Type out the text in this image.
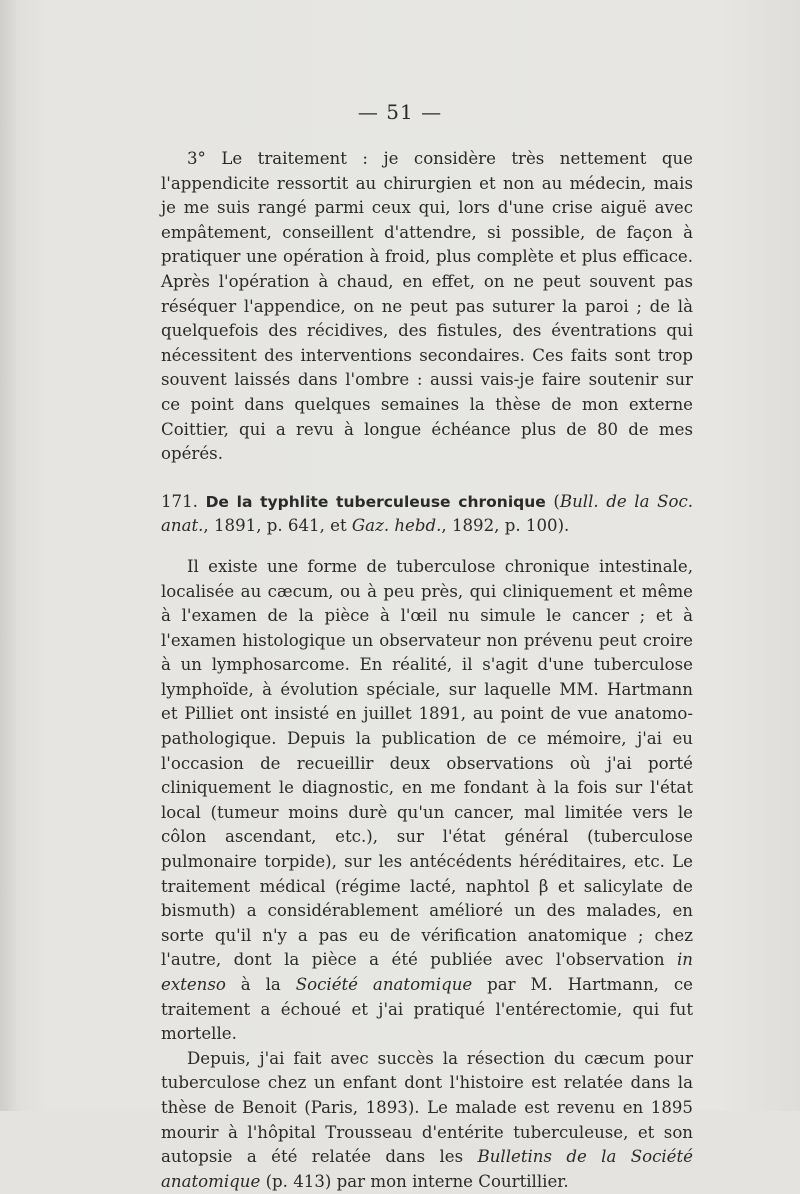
— 51 —

3° Le traitement : je considère très nettement que l'appendicite ressortit au chirurgien et non au médecin, mais je me suis rangé parmi ceux qui, lors d'une crise aiguë avec empâtement, conseillent d'attendre, si possible, de façon à pratiquer une opération à froid, plus complète et plus efficace. Après l'opération à chaud, en effet, on ne peut souvent pas réséquer l'appendice, on ne peut pas suturer la paroi ; de là quelquefois des récidives, des fistules, des éventrations qui nécessitent des interventions secondaires. Ces faits sont trop souvent laissés dans l'ombre : aussi vais-je faire soutenir sur ce point dans quelques semaines la thèse de mon externe Coittier, qui a revu à longue échéance plus de 80 de mes opérés.

171. De la typhlite tuberculeuse chronique (Bull. de la Soc. anat., 1891, p. 641, et Gaz. hebd., 1892, p. 100).

Il existe une forme de tuberculose chronique intestinale, localisée au cæcum, ou à peu près, qui cliniquement et même à l'examen de la pièce à l'œil nu simule le cancer ; et à l'examen histologique un observateur non prévenu peut croire à un lymphosarcome. En réalité, il s'agit d'une tuberculose lymphoïde, à évolution spéciale, sur laquelle MM. Hartmann et Pilliet ont insisté en juillet 1891, au point de vue anatomo-pathologique. Depuis la publication de ce mémoire, j'ai eu l'occasion de recueillir deux observations où j'ai porté cliniquement le diagnostic, en me fondant à la fois sur l'état local (tumeur moins durè qu'un cancer, mal limitée vers le côlon ascendant, etc.), sur l'état général (tuberculose pulmonaire torpide), sur les antécédents héréditaires, etc. Le traitement médical (régime lacté, naphtol β et salicylate de bismuth) a considérablement amélioré un des malades, en sorte qu'il n'y a pas eu de vérification anatomique ; chez l'autre, dont la pièce a été publiée avec l'observation in extenso à la Société anatomique par M. Hartmann, ce traitement a échoué et j'ai pratiqué l'entérectomie, qui fut mortelle.

Depuis, j'ai fait avec succès la résection du cæcum pour tuberculose chez un enfant dont l'histoire est relatée dans la thèse de Benoit (Paris, 1893). Le malade est revenu en 1895 mourir à l'hôpital Trousseau d'entérite tuberculeuse, et son autopsie a été relatée dans les Bulletins de la Société anatomique (p. 413) par mon interne Courtillier.
